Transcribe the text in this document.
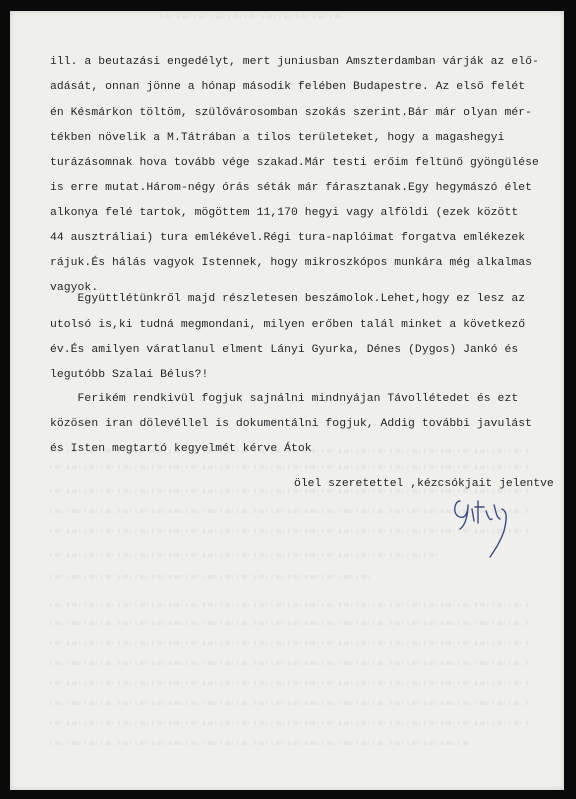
ill. a beutazási engedélyt, mert juniusban Amszterdamban várják az elő-
adását, onnan jönne a hónap második felében Budapestre. Az első felét
én Késmárkon töltöm, szülővárosomban szokás szerint.Bár már olyan mér-
tékben növelik a M.Tátrában a tilos területeket, hogy a magashegyi
turázásomnak hova tovább vége szakad.Már testi erőim feltünő gyöngülése
is erre mutat.Három-négy órás séták már fárasztanak.Egy hegymászó élet
alkonya felé tartok, mögöttem 11,170 hegyi vagy alföldi (ezek között
44 ausztráliai) tura emlékével.Régi tura-naplóimat forgatva emlékezek
rájuk.És hálás vagyok Istennek, hogy mikroszkópos munkára még alkalmas
vagyok.
Együttlétünkről majd részletesen beszámolok.Lehet,hogy ez lesz az
utolsó is,ki tudná megmondani, milyen erőben talál minket a következő
év.És amilyen váratlanul elment Lányi Gyurka, Dénes (Dygos) Jankó és
legutóbb Szalai Bélus?!
Ferikém rendkivül fogjuk sajnálni mindnyájan Távollétedet és ezt
közösen iran dölevéllel is dokumentálni fogjuk, Addig további javulást
és Isten megtartó kegyelmét kérve Átok
ölel szeretettel ,kézcsókjait jelentve
